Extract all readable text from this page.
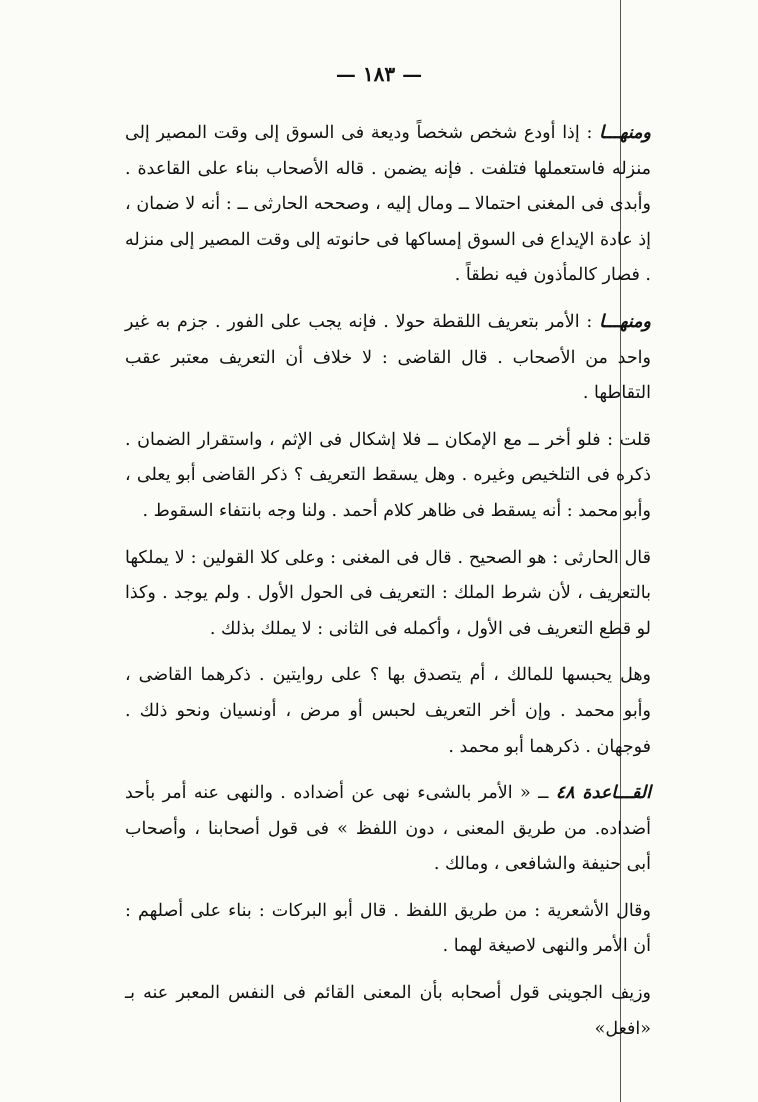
— ١٨٣ —

ومنهـــا : إذا أودع شخص شخصاً وديعة فى السوق إلى وقت المصير إلى منزله فاستعملها فتلفت . فإنه يضمن . قاله الأصحاب بناء على القاعدة . وأبدى فى المغنى احتمالا ــ ومال إليه ، وصححه الحارثى ــ : أنه لا ضمان ، إذ عادة الإيداع فى السوق إمساكها فى حانوته إلى وقت المصير إلى منزله . فصار كالمأذون فيه نطقاً .

ومنهـــا : الأمر بتعريف اللقطة حولا . فإنه يجب على الفور . جزم به غير واحد من الأصحاب . قال القاضى : لا خلاف أن التعريف معتبر عقب التقاطها .

قلت : فلو أخر ــ مع الإمكان ــ فلا إشكال فى الإثم ، واستقرار الضمان . ذكره فى التلخيص وغيره . وهل يسقط التعريف ؟ ذكر القاضى أبو يعلى ، وأبو محمد : أنه يسقط فى ظاهر كلام أحمد . ولنا وجه بانتفاء السقوط .

قال الحارثى : هو الصحيح . قال فى المغنى : وعلى كلا القولين : لا يملكها بالتعريف ، لأن شرط الملك : التعريف فى الحول الأول . ولم يوجد . وكذا لو قطع التعريف فى الأول ، وأكمله فى الثانى : لا يملك بذلك .

وهل يحبسها للمالك ، أم يتصدق بها ؟ على روايتين . ذكرهما القاضى ، وأبو محمد . وإن أخر التعريف لحبس أو مرض ، أونسيان ونحو ذلك . فوجهان . ذكرهما أبو محمد .

القـــاعدة ٤٨ ــ « الأمر بالشىء نهى عن أضداده . والنهى عنه أمر بأحد أضداده. من طريق المعنى ، دون اللفظ » فى قول أصحابنا ، وأصحاب أبى حنيفة والشافعى ، ومالك .

وقال الأشعرية : من طريق اللفظ . قال أبو البركات : بناء على أصلهم : أن الأمر والنهى لاصيغة لهما .

وزيف الجوينى قول أصحابه بأن المعنى القائم فى النفس المعبر عنه بـ «افعل»
